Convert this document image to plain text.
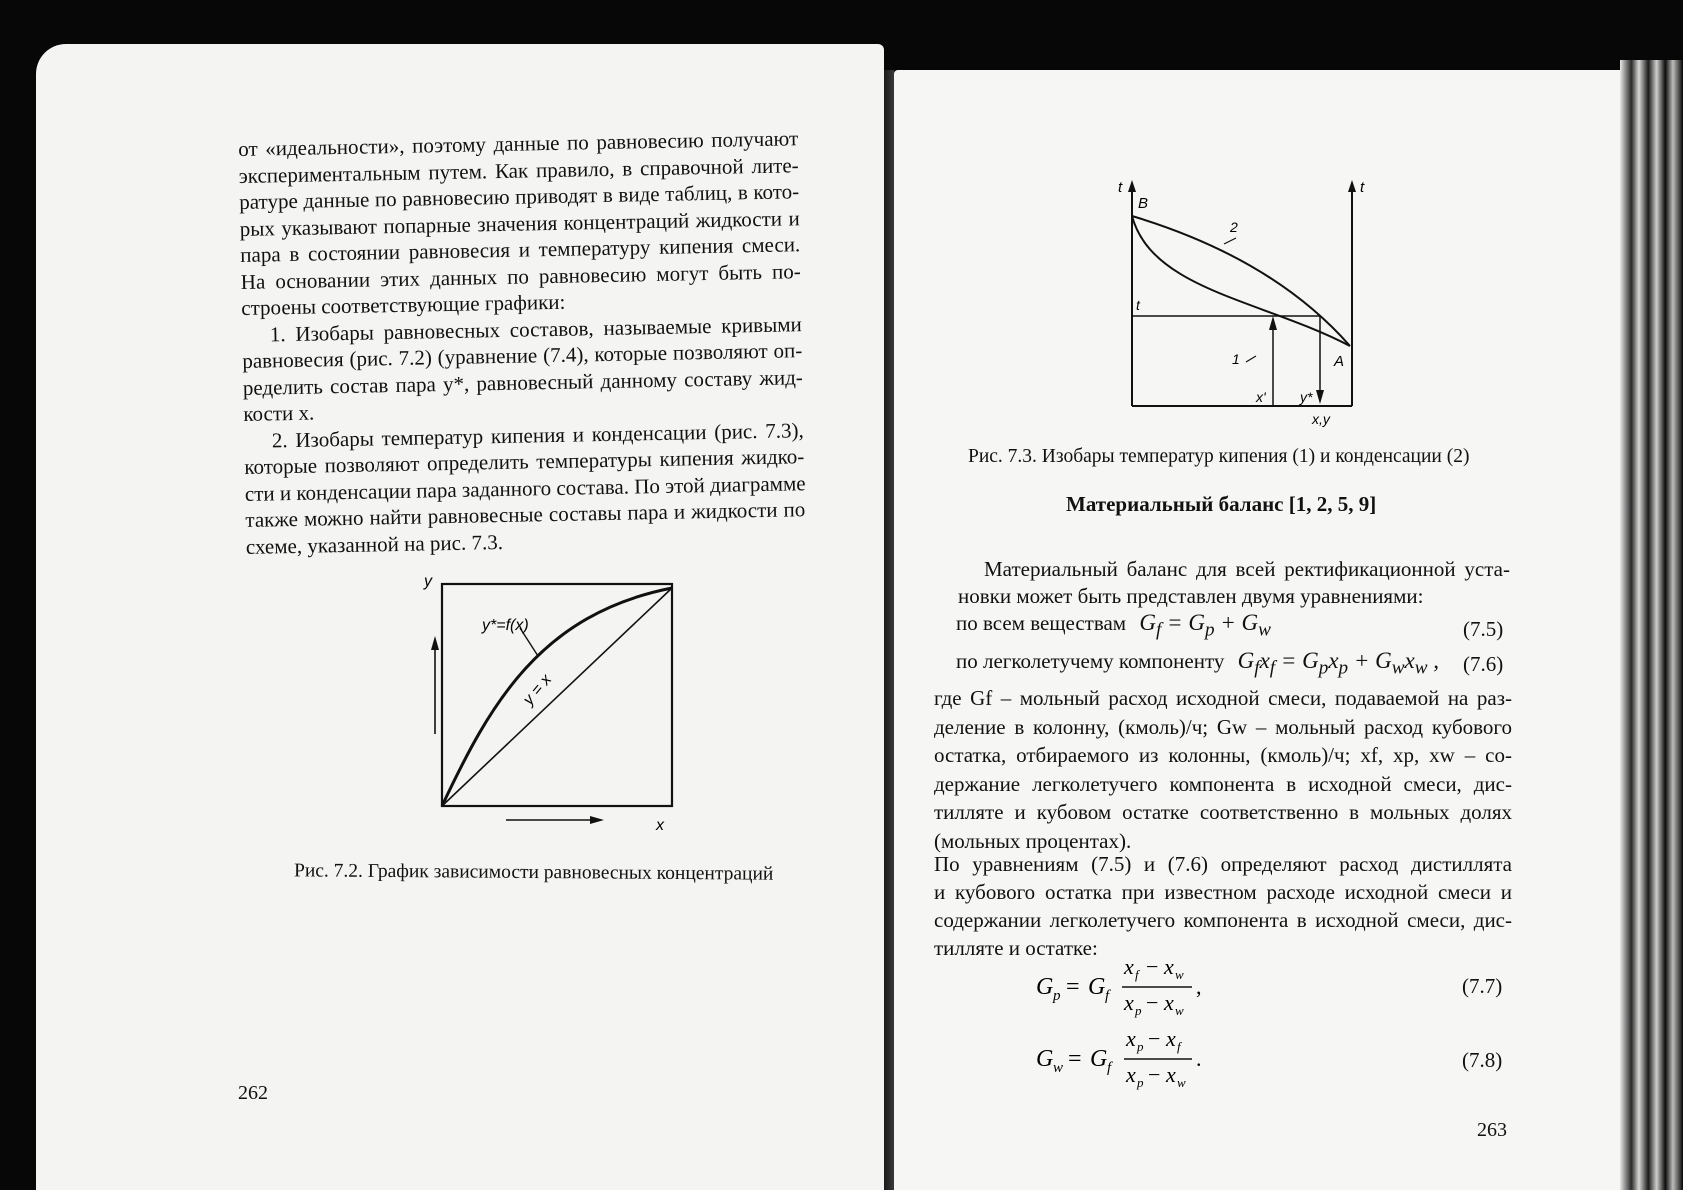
от «идеальности», поэтому данные по равновесию получают
экспериментальным путем. Как правило, в справочной лите-
ратуре данные по равновесию приводят в виде таблиц, в кото-
рых указывают попарные значения концентраций жидкости и
пара в состоянии равновесия и температуру кипения смеси.
На основании этих данных по равновесию могут быть по-
строены соответствующие графики:
1. Изобары равновесных составов, называемые кривыми
равновесия (рис. 7.2) (уравнение (7.4), которые позволяют оп-
ределить состав пара y*, равновесный данному составу жид-
кости x.
2. Изобары температур кипения и конденсации (рис. 7.3),
которые позволяют определить температуры кипения жидко-
сти и конденсации пара заданного состава. По этой диаграмме
также можно найти равновесные составы пара и жидкости по
схеме, указанной на рис. 7.3.
y
x
y*=f(x)
y = x
Рис. 7.2. График зависимости равновесных концентраций
262
t	t
B
A
2
1
t
x' y*
x,y
Рис. 7.3. Изобары температур кипения (1) и конденсации (2)
Материальный баланс [1, 2, 5, 9]
Материальный баланс для всей ректификационной уста-
новки может быть представлен двумя уравнениями:
по всем веществам $G_f = G_p + G_w$	(7.5)
по легколетучему компоненту $G_fx_f = G_px_p + G_wx_w$ , (7.6)
где Gf – мольный расход исходной смеси, подаваемой на раз-
деление в колонну, (кмоль)/ч; Gw – мольный расход кубового
остатка, отбираемого из колонны, (кмоль)/ч; xf, xp, xw – со-
держание легколетучего компонента в исходной смеси, дис-
тилляте и кубовом остатке соответственно в мольных долях
(мольных процентах).
По уравнениям (7.5) и (7.6) определяют расход дистиллята
и кубового остатка при известном расходе исходной смеси и
содержании легколетучего компонента в исходной смеси, дис-
тилляте и остатке:
G p = G f
x f − x w
x p − x w
,	(7.7)
G w = G f
x p − x f
x p − x w
.	(7.8)
263
